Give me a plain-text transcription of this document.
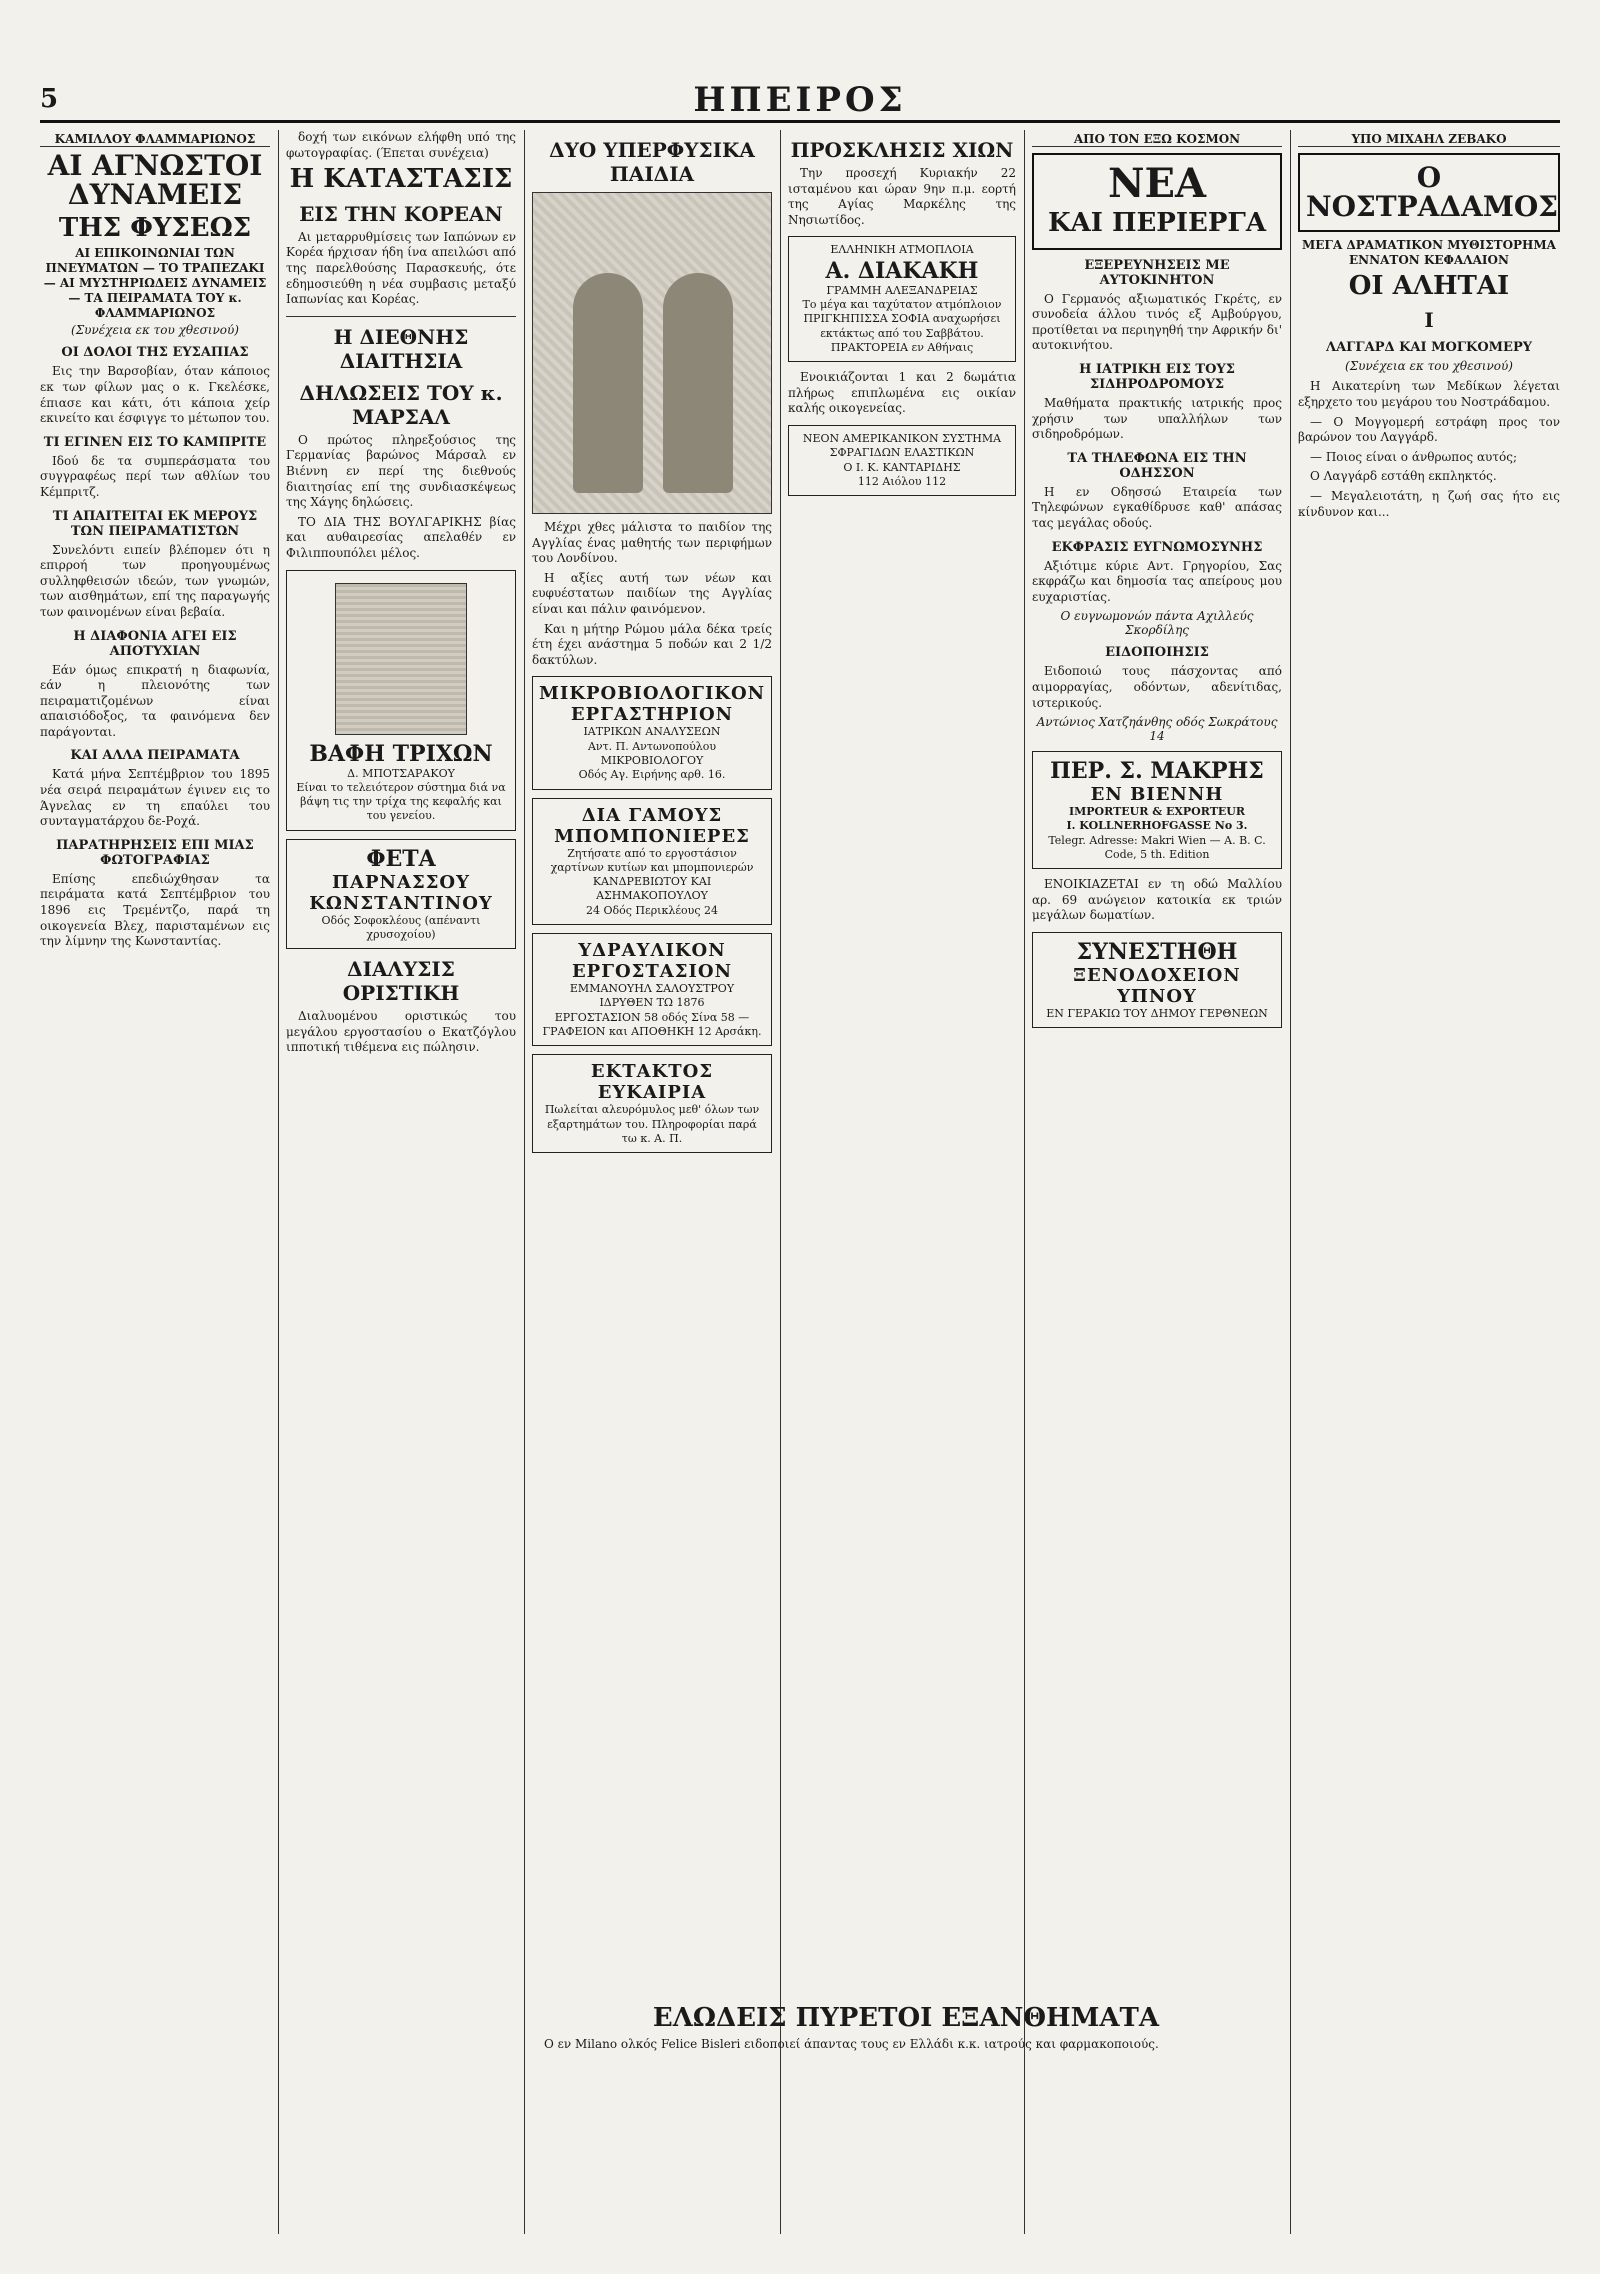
5	ΗΠΕΙΡΟΣ
ΚΑΜΙΛΛΟΥ ΦΛΑΜΜΑΡΙΩΝΟΣ
ΑΙ ΑΓΝΩΣΤΟΙ ΔΥΝΑΜΕΙΣ
ΤΗΣ ΦΥΣΕΩΣ
ΑΙ ΕΠΙΚΟΙΝΩΝΙΑΙ ΤΩΝ ΠΝΕΥΜΑΤΩΝ — ΤΟ ΤΡΑΠΕΖΑΚΙ — ΑΙ ΜΥΣΤΗΡΙΩΔΕΙΣ ΔΥΝΑΜΕΙΣ — ΤΑ ΠΕΙΡΑΜΑΤΑ ΤΟΥ κ. ΦΛΑΜΜΑΡΙΩΝΟΣ
(Συνέχεια εκ του χθεσινού)
ΟΙ ΔΟΛΟΙ ΤΗΣ ΕΥΣΑΠΙΑΣ

Εις την Βαρσοβίαν, όταν κάποιος εκ των φίλων μας ο κ. Γκελέσκε, έπιασε και κάτι, ότι κάποια χείρ εκινείτο και έσφιγγε το μέτωπον του.

ΤΙ ΕΓΙΝΕΝ ΕΙΣ ΤΟ ΚΑΜΠΡΙΤΕ

Ιδού δε τα συμπεράσματα του συγγραφέως περί των αθλίων του Κέμπριτζ.

ΤΙ ΑΠΑΙΤΕΙΤΑΙ ΕΚ ΜΕΡΟΥΣ ΤΩΝ ΠΕΙΡΑΜΑΤΙΣΤΩΝ

Συνελόντι ειπείν βλέπομεν ότι η επιρροή των προηγουμένως συλληφθεισών ιδεών, των γνωμών, των αισθημάτων, επί της παραγωγής των φαινομένων είναι βεβαία.

Η ΔΙΑΦΟΝΙΑ ΑΓΕΙ ΕΙΣ ΑΠΟΤΥΧΙΑΝ

Εάν όμως επικρατή η διαφωνία, εάν η πλειονότης των πειραματιζομένων είναι απαισιόδοξος, τα φαινόμενα δεν παράγονται.

ΚΑΙ ΑΛΛΑ ΠΕΙΡΑΜΑΤΑ

Κατά μήνα Σεπτέμβριον του 1895 νέα σειρά πειραμάτων έγινεν εις το Άγνελας εν τη επαύλει του συνταγματάρχου δε-Ροχά.

ΠΑΡΑΤΗΡΗΣΕΙΣ ΕΠΙ ΜΙΑΣ ΦΩΤΟΓΡΑΦΙΑΣ

Επίσης επεδιώχθησαν τα πειράματα κατά Σεπτέμβριον του 1896 εις Τρεμέντζο, παρά τη οικογενεία Βλεχ, παρισταμένων εις την λίμνην της Κωνσταντίας.

δοχή των εικόνων ελήφθη υπό της φωτογραφίας. (Έπεται συνέχεια)

Η ΚΑΤΑΣΤΑΣΙΣ
ΕΙΣ ΤΗΝ ΚΟΡΕΑΝ

Αι μεταρρυθμίσεις των Ιαπώνων εν Κορέα ήρχισαν ήδη ίνα απειλώσι από της παρελθούσης Παρασκευής, ότε εδημοσιεύθη η νέα συμβασις μεταξύ Ιαπωνίας και Κορέας.

Η ΔΙΕΘΝΗΣ ΔΙΑΙΤΗΣΙΑ
ΔΗΛΩΣΕΙΣ ΤΟΥ κ. ΜΑΡΣΑΛ

Ο πρώτος πληρεξούσιος της Γερμανίας βαρώνος Μάρσαλ εν Βιέννη εν περί της διεθνούς διαιτησίας επί της συνδιασκέψεως της Χάγης δηλώσεις.

ΤΟ ΔΙΑ ΤΗΣ ΒΟΥΛΓΑΡΙΚΗΣ βίας και αυθαιρεσίας απελαθέν εν Φιλιππουπόλει μέλος.

ΒΑΦΗ ΤΡΙΧΩΝ
Δ. ΜΠΟΤΣΑΡΑΚΟΥ
Είναι το τελειότερον σύστημα διά να βάψη τις την τρίχα της κεφαλής και του γενείου.
ΦΕΤΑ
ΠΑΡΝΑΣΣΟΥ
ΚΩΝΣΤΑΝΤΙΝΟΥ
Οδός Σοφοκλέους (απέναντι χρυσοχοίου)
ΔΙΑΛΥΣΙΣ ΟΡΙΣΤΙΚΗ

Διαλυομένου οριστικώς του μεγάλου εργοστασίου ο Εκατζόγλου ιπποτική τιθέμενα εις πώλησιν.

ΔΥΟ ΥΠΕΡΦΥΣΙΚΑ ΠΑΙΔΙΑ

Μέχρι χθες μάλιστα το παιδίον της Αγγλίας ένας μαθητής των περιφήμων του Λονδίνου.

Η αξίες αυτή των νέων και ευφυέστατων παιδίων της Αγγλίας είναι και πάλιν φαινόμενον.

Και η μήτηρ Ρώμου μάλα δέκα τρείς έτη έχει ανάστημα 5 ποδών και 2 1/2 δακτύλων.

ΜΙΚΡΟΒΙΟΛΟΓΙΚΟΝ ΕΡΓΑΣΤΗΡΙΟΝ
ΙΑΤΡΙΚΩΝ ΑΝΑΛΥΣΕΩΝ
Αντ. Π. Αντωνοπούλου ΜΙΚΡΟΒΙΟΛΟΓΟΥ
Οδός Αγ. Ειρήνης αρθ. 16.
ΔΙΑ ΓΑΜΟΥΣ
ΜΠΟΜΠΟΝΙΕΡΕΣ
Ζητήσατε από το εργοστάσιον χαρτίνων κυτίων και μπομπονιερών ΚΑΝΔΡΕΒΙΩΤΟΥ ΚΑΙ ΑΣΗΜΑΚΟΠΟΥΛΟΥ
24 Οδός Περικλέους 24
ΥΔΡΑΥΛΙΚΟΝ ΕΡΓΟΣΤΑΣΙΟΝ
ΕΜΜΑΝΟΥΗΛ ΣΑΛΟΥΣΤΡΟΥ
ΙΔΡΥΘΕΝ ΤΩ 1876
ΕΡΓΟΣΤΑΣΙΟΝ 58 οδός Σίνα 58 — ΓΡΑΦΕΙΟΝ και ΑΠΟΘΗΚΗ 12 Αρσάκη.
ΕΚΤΑΚΤΟΣ ΕΥΚΑΙΡΙΑ
Πωλείται αλευρόμυλος μεθ' όλων των εξαρτημάτων του. Πληροφορίαι παρά τω κ. Α. Π.
ΠΡΟΣΚΛΗΣΙΣ ΧΙΩΝ

Την προσεχή Κυριακήν 22 ισταμένου και ώραν 9ην π.μ. εορτή της Αγίας Μαρκέλης της Νησιωτίδος.

ΕΛΛΗΝΙΚΗ ΑΤΜΟΠΛΟΙΑ
Α. ΔΙΑΚΑΚΗ
ΓΡΑΜΜΗ ΑΛΕΞΑΝΔΡΕΙΑΣ
Το μέγα και ταχύτατον ατμόπλοιον ΠΡΙΓΚΗΠΙΣΣΑ ΣΟΦΙΑ αναχωρήσει εκτάκτως από του Σαββάτου.
ΠΡΑΚΤΟΡΕΙΑ εν Αθήναις

Ενοικιάζονται 1 και 2 δωμάτια πλήρως επιπλωμένα εις οικίαν καλής οικογενείας.

ΝΕΟΝ ΑΜΕΡΙΚΑΝΙΚΟΝ ΣΥΣΤΗΜΑ ΣΦΡΑΓΙΔΩΝ ΕΛΑΣΤΙΚΩΝ
Ο Ι. Κ. ΚΑΝΤΑΡΙΔΗΣ
112 Αιόλου 112
ΑΠΟ ΤΟΝ ΕΞΩ ΚΟΣΜΟΝ
ΝΕΑ
ΚΑΙ ΠΕΡΙΕΡΓΑ
ΕΞΕΡΕΥΝΗΣΕΙΣ ΜΕ ΑΥΤΟΚΙΝΗΤΟΝ

Ο Γερμανός αξιωματικός Γκρέτς, εν συνοδεία άλλου τινός εξ Αμβούργου, προτίθεται να περιηγηθή την Αφρικήν δι' αυτοκινήτου.

Η ΙΑΤΡΙΚΗ ΕΙΣ ΤΟΥΣ ΣΙΔΗΡΟΔΡΟΜΟΥΣ

Μαθήματα πρακτικής ιατρικής προς χρήσιν των υπαλλήλων των σιδηροδρόμων.

ΤΑ ΤΗΛΕΦΩΝΑ ΕΙΣ ΤΗΝ ΟΔΗΣΣΟΝ

Η εν Οδησσώ Εταιρεία των Τηλεφώνων εγκαθίδρυσε καθ' απάσας τας μεγάλας οδούς.

ΕΚΦΡΑΣΙΣ ΕΥΓΝΩΜΟΣΥΝΗΣ

Αξιότιμε κύριε Αντ. Γρηγορίου, Σας εκφράζω και δημοσία τας απείρους μου ευχαριστίας.

Ο ευγνωμονών πάντα Αχιλλεύς Σκορδίλης
ΕΙΔΟΠΟΙΗΣΙΣ

Ειδοποιώ τους πάσχοντας από αιμορραγίας, οδόντων, αδενίτιδας, ιστερικούς.

Αντώνιος Χατζηάνθης οδός Σωκράτους 14
ΠΕΡ. Σ. ΜΑΚΡΗΣ
ΕΝ ΒΙΕΝΝΗ
IMPORTEUR & EXPORTEUR
I. KOLLNERHOFGASSE No 3.
Telegr. Adresse: Makri Wien — A. B. C. Code, 5 th. Edition

ΕΝΟΙΚΙΑΖΕΤΑΙ εν τη οδώ Μαλλίου αρ. 69 ανώγειον κατοικία εκ τριών μεγάλων δωματίων.

ΣΥΝΕΣΤΗΘΗ
ΞΕΝΟΔΟΧΕΙΟΝ ΥΠΝΟΥ
ΕΝ ΓΕΡΑΚΙΩ ΤΟΥ ΔΗΜΟΥ ΓΕΡΘΝΕΩΝ
ΥΠΟ ΜΙΧΑΗΛ ΖΕΒΑΚΟ
Ο ΝΟΣΤΡΑΔΑΜΟΣ
ΜΕΓΑ ΔΡΑΜΑΤΙΚΟΝ ΜΥΘΙΣΤΟΡΗΜΑ
ΕΝΝΑΤΟΝ ΚΕΦΑΛΑΙΟΝ
ΟΙ ΑΛΗΤΑΙ
Ι
ΛΑΓΓΑΡΔ ΚΑΙ ΜΟΓΚΟΜΕΡΥ
(Συνέχεια εκ του χθεσινού)

Η Αικατερίνη των Μεδίκων λέγεται εξηρχετο του μεγάρου του Νοστράδαμου.

— Ο Μογγομερή εστράφη προς τον βαρώνον του Λαγγάρδ.

— Ποιος είναι ο άνθρωπος αυτός;

Ο Λαγγάρδ εστάθη εκπληκτός.

— Μεγαλειοτάτη, η ζωή σας ήτο εις κίνδυνον και...

ΕΛΩΔΕΙΣ ΠΥΡΕΤΟΙ ΕΞΑΝΘΗΜΑΤΑ

Ο εν Milano ολκός Felice Bisleri ειδοποιεί άπαντας τους εν Ελλάδι κ.κ. ιατρούς και φαρμακοποιούς.
